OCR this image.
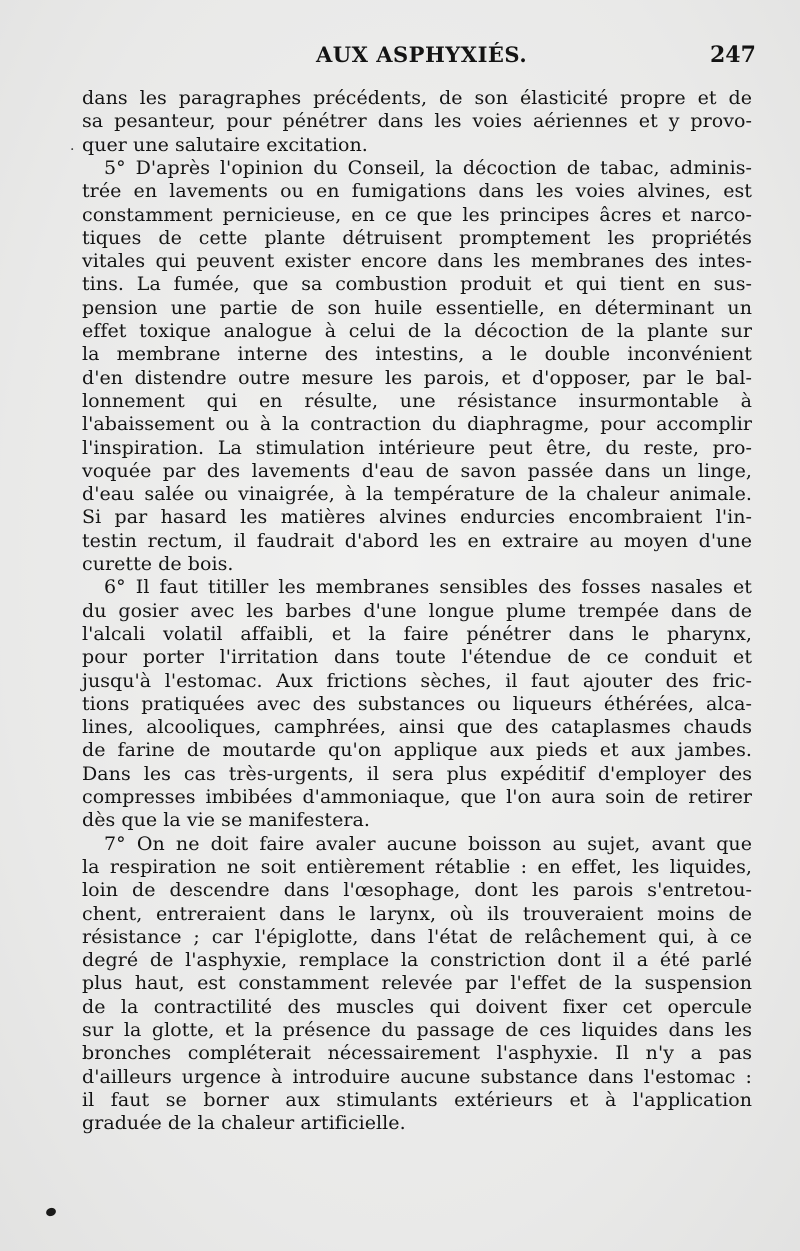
AUX ASPHYXIÉS.	247
·
dans les paragraphes précédents, de son élasticité propre et de
sa pesanteur, pour pénétrer dans les voies aériennes et y provo-
quer une salutaire excitation.
5° D'après l'opinion du Conseil, la décoction de tabac, adminis-
trée en lavements ou en fumigations dans les voies alvines, est
constamment pernicieuse, en ce que les principes âcres et narco-
tiques de cette plante détruisent promptement les propriétés
vitales qui peuvent exister encore dans les membranes des intes-
tins. La fumée, que sa combustion produit et qui tient en sus-
pension une partie de son huile essentielle, en déterminant un
effet toxique analogue à celui de la décoction de la plante sur
la membrane interne des intestins, a le double inconvénient
d'en distendre outre mesure les parois, et d'opposer, par le bal-
lonnement qui en résulte, une résistance insurmontable à
l'abaissement ou à la contraction du diaphragme, pour accomplir
l'inspiration. La stimulation intérieure peut être, du reste, pro-
voquée par des lavements d'eau de savon passée dans un linge,
d'eau salée ou vinaigrée, à la température de la chaleur animale.
Si par hasard les matières alvines endurcies encombraient l'in-
testin rectum, il faudrait d'abord les en extraire au moyen d'une
curette de bois.
6° Il faut titiller les membranes sensibles des fosses nasales et
du gosier avec les barbes d'une longue plume trempée dans de
l'alcali volatil affaibli, et la faire pénétrer dans le pharynx,
pour porter l'irritation dans toute l'étendue de ce conduit et
jusqu'à l'estomac. Aux frictions sèches, il faut ajouter des fric-
tions pratiquées avec des substances ou liqueurs éthérées, alca-
lines, alcooliques, camphrées, ainsi que des cataplasmes chauds
de farine de moutarde qu'on applique aux pieds et aux jambes.
Dans les cas très-urgents, il sera plus expéditif d'employer des
compresses imbibées d'ammoniaque, que l'on aura soin de retirer
dès que la vie se manifestera.
7° On ne doit faire avaler aucune boisson au sujet, avant que
la respiration ne soit entièrement rétablie : en effet, les liquides,
loin de descendre dans l'œsophage, dont les parois s'entretou-
chent, entreraient dans le larynx, où ils trouveraient moins de
résistance ; car l'épiglotte, dans l'état de relâchement qui, à ce
degré de l'asphyxie, remplace la constriction dont il a été parlé
plus haut, est constamment relevée par l'effet de la suspension
de la contractilité des muscles qui doivent fixer cet opercule
sur la glotte, et la présence du passage de ces liquides dans les
bronches compléterait nécessairement l'asphyxie. Il n'y a pas
d'ailleurs urgence à introduire aucune substance dans l'estomac :
il faut se borner aux stimulants extérieurs et à l'application
graduée de la chaleur artificielle.
